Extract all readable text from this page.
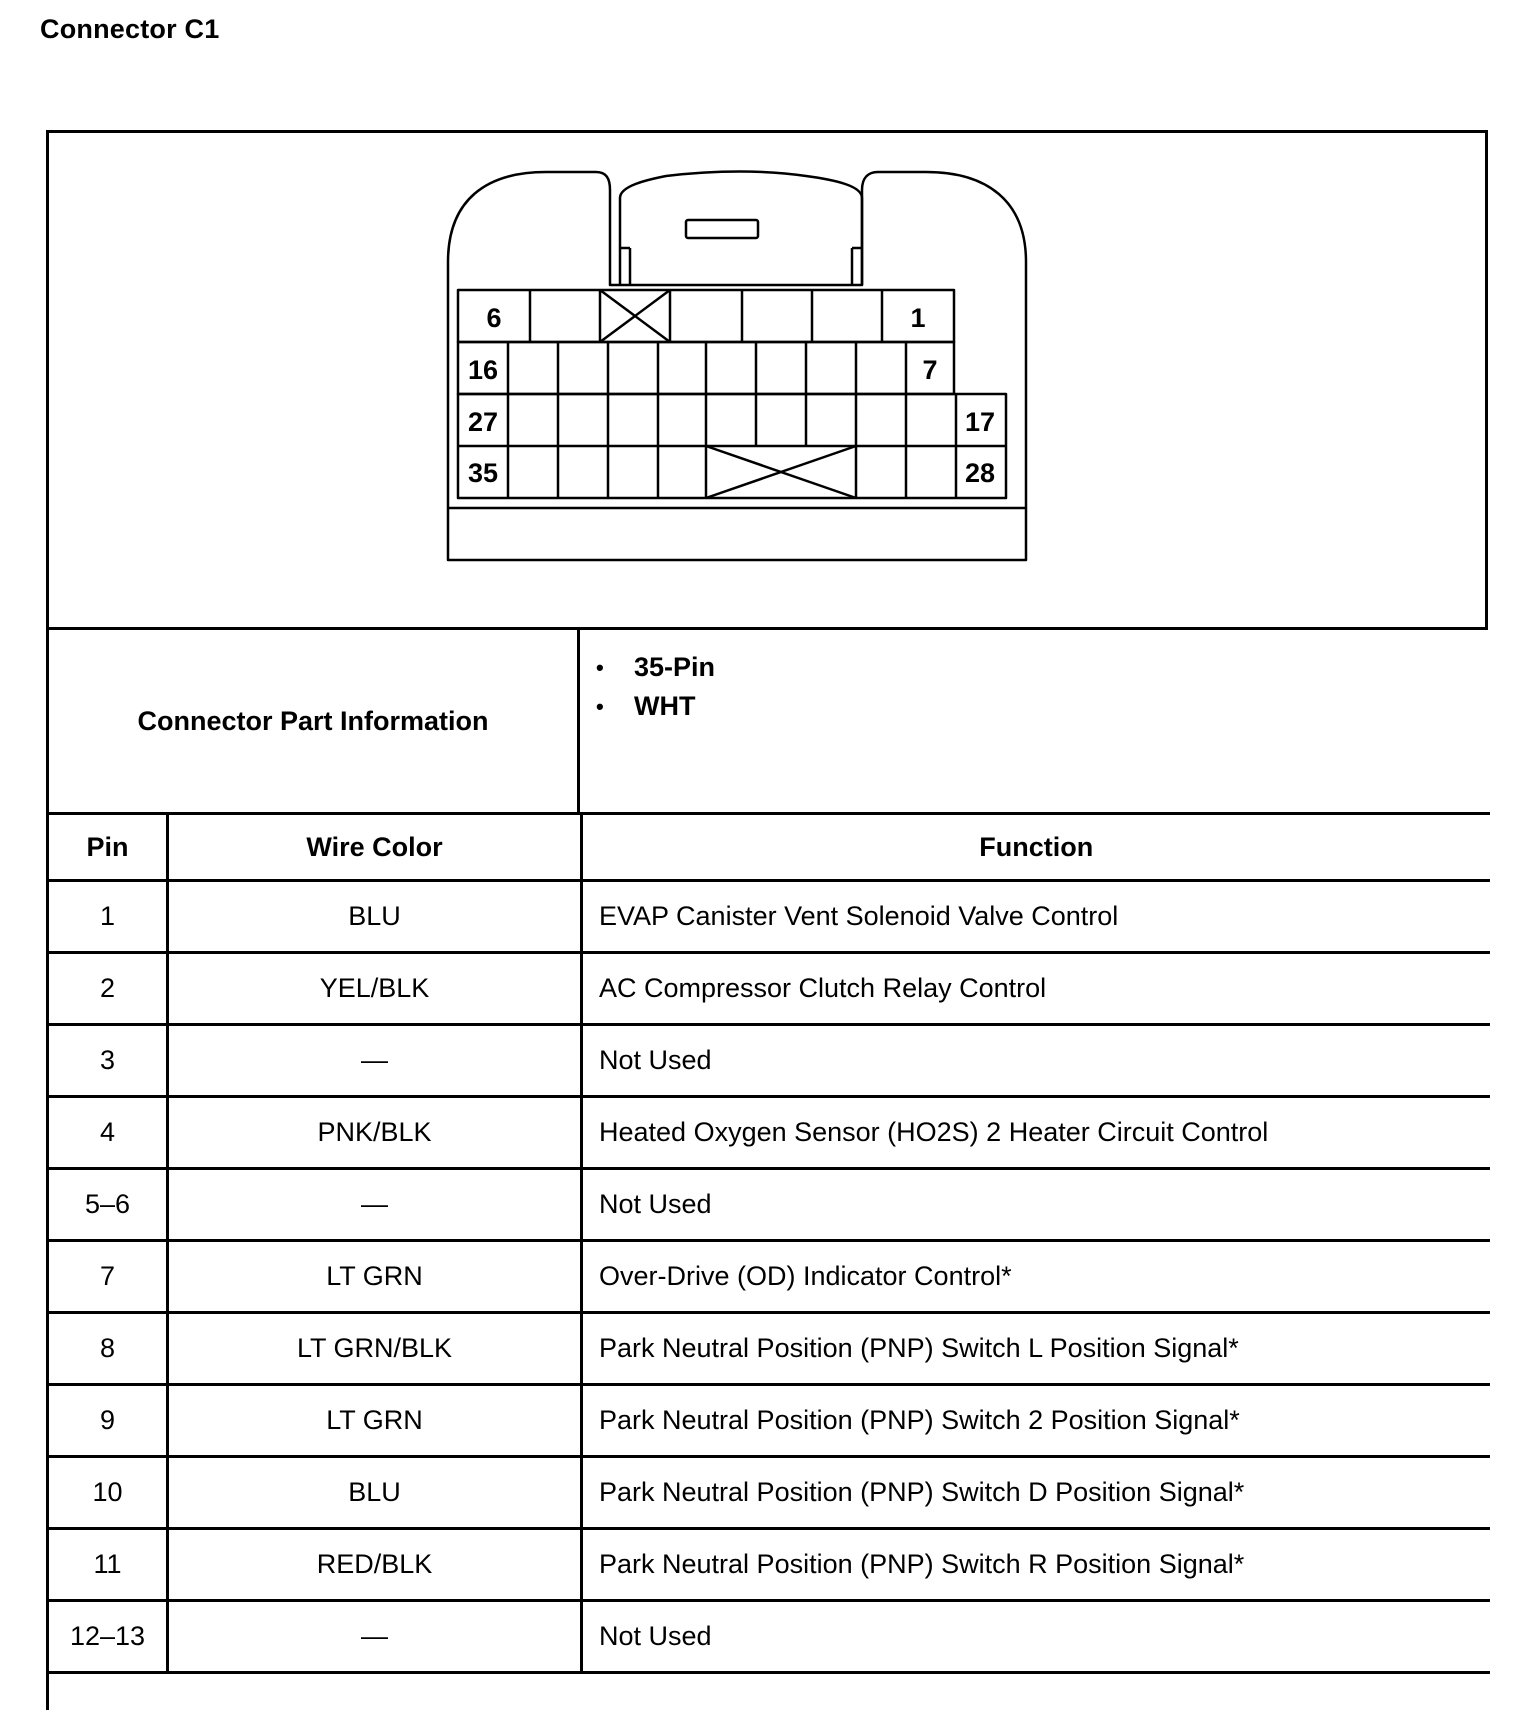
Connector C1
6	1
16	7
27	17
35	28
Connector Part Information
• 35-Pin
• WHT
Pin	Wire Color	Function
1	BLU	EVAP Canister Vent Solenoid Valve Control
2	YEL/BLK	AC Compressor Clutch Relay Control
3	—	Not Used
4	PNK/BLK	Heated Oxygen Sensor (HO2S) 2 Heater Circuit Control
5–6	—	Not Used
7	LT GRN	Over-Drive (OD) Indicator Control*
8	LT GRN/BLK	Park Neutral Position (PNP) Switch L Position Signal*
9	LT GRN	Park Neutral Position (PNP) Switch 2 Position Signal*
10	BLU	Park Neutral Position (PNP) Switch D Position Signal*
11	RED/BLK	Park Neutral Position (PNP) Switch R Position Signal*
12–13	—	Not Used
